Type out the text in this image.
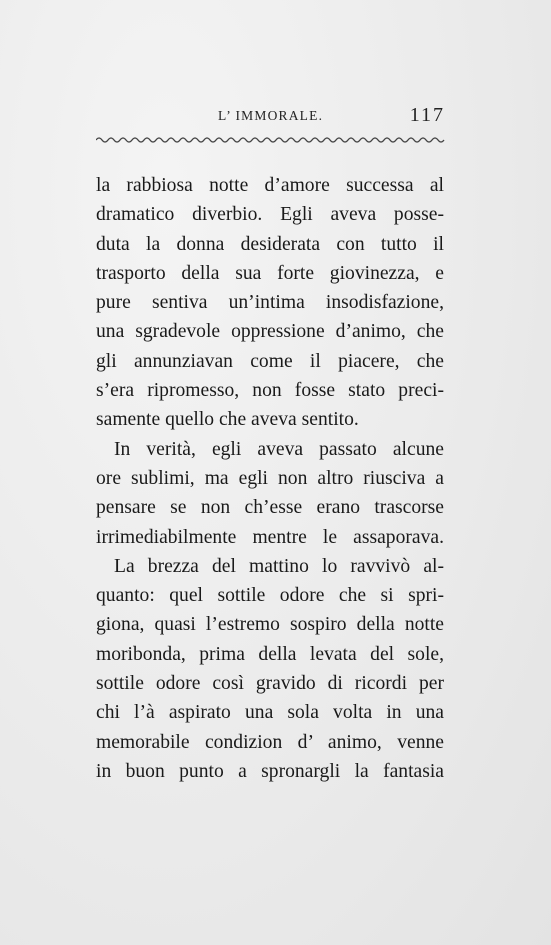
L’ IMMORALE.	117
la rabbiosa notte d’amore successa al
dramatico diverbio. Egli aveva posse-
duta la donna desiderata con tutto il
trasporto della sua forte giovinezza, e
pure sentiva un’intima insodisfazione,
una sgradevole oppressione d’animo, che
gli annunziavan come il piacere, che
s’era ripromesso, non fosse stato preci-
samente quello che aveva sentito.
In verità, egli aveva passato alcune
ore sublimi, ma egli non altro riusciva a
pensare se non ch’esse erano trascorse
irrimediabilmente mentre le assaporava.
La brezza del mattino lo ravvivò al-
quanto: quel sottile odore che si spri-
giona, quasi l’estremo sospiro della notte
moribonda, prima della levata del sole,
sottile odore così gravido di ricordi per
chi l’à aspirato una sola volta in una
memorabile condizion d’ animo, venne
in buon punto a spronargli la fantasia
